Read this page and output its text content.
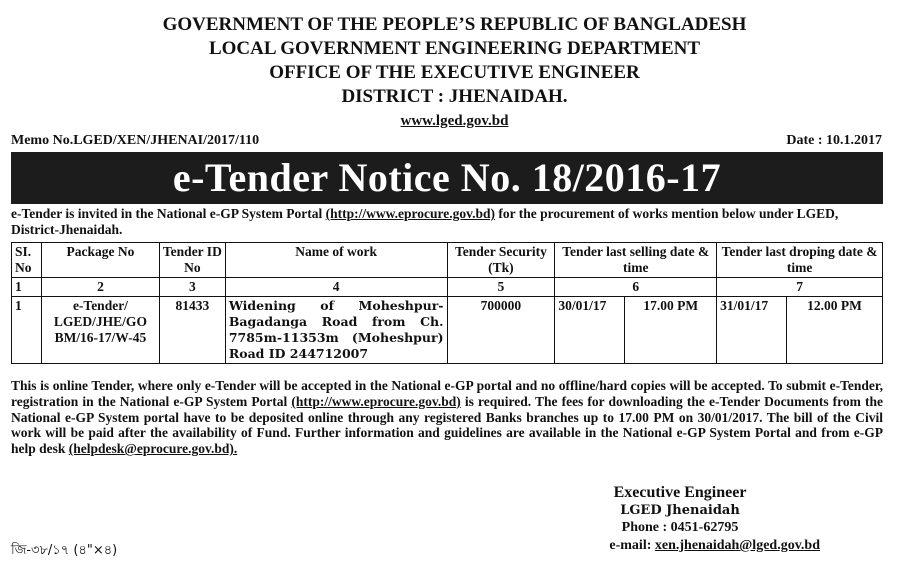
GOVERNMENT OF THE PEOPLE’S REPUBLIC OF BANGLADESH
LOCAL GOVERNMENT ENGINEERING DEPARTMENT
OFFICE OF THE EXECUTIVE ENGINEER
DISTRICT : JHENAIDAH.
www.lged.gov.bd
Memo No.LGED/XEN/JHENAI/2017/110	Date : 10.1.2017
e-Tender Notice No. 18/2016-17
e-Tender is invited in the National e-GP System Portal (http://www.eprocure.gov.bd) for the procurement of works mention below under LGED, District-Jhenaidah.
SI. No	Package No	Tender ID No	Name of work	Tender Security (Tk)	Tender last selling date & time		Tender last droping date & time	
1	2	3	4	5	6		7	
1	e-Tender/ LGED/JHE/GO BM/16-17/W-45	81433	Widening of Moheshpur-Bagadanga Road from Ch. 7785m-11353m (Moheshpur) Road ID 244712007	700000	30/01/17	17.00 PM	31/01/17	12.00 PM
This is online Tender, where only e-Tender will be accepted in the National e-GP portal and no offline/hard copies will be accepted. To submit e-Tender, registration in the National e-GP System Portal (http://www.eprocure.gov.bd) is required. The fees for downloading the e-Tender Documents from the National e-GP System portal have to be deposited online through any registered Banks branches up to 17.00 PM on 30/01/2017. The bill of the Civil work will be paid after the availability of Fund. Further information and guidelines are available in the National e-GP System Portal and from e-GP help desk (helpdesk@eprocure.gov.bd).
Executive Engineer
LGED Jhenaidah
Phone : 0451-62795
e-mail: xen.jhenaidah@lged.gov.bd
জি-৩৮/১৭ (৪"×৪)
